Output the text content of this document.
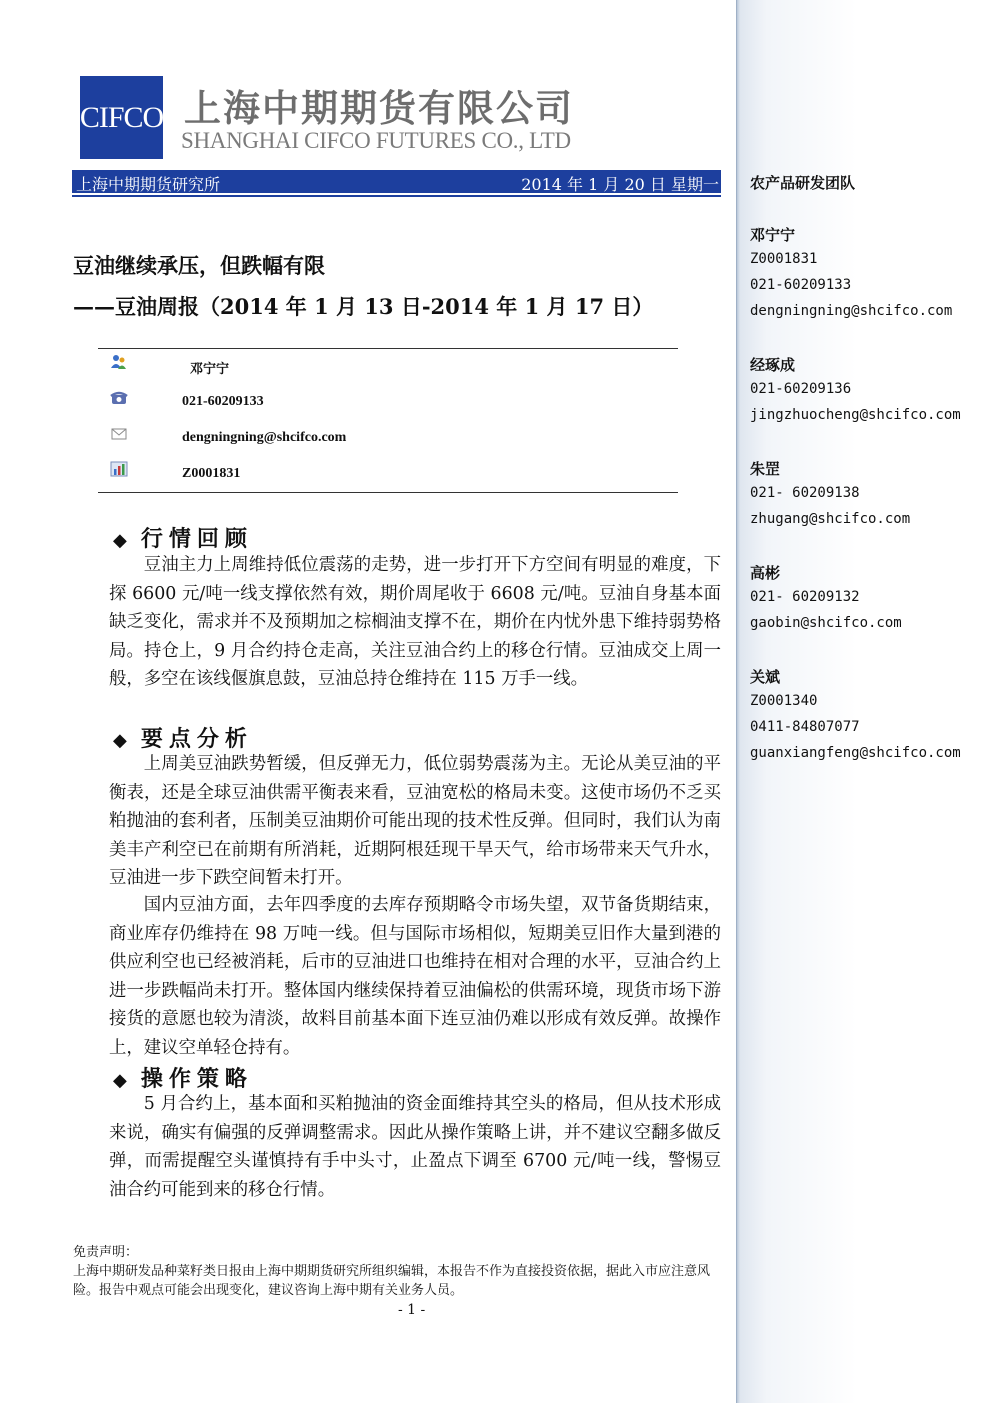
CIFCO 上海中期期货有限公司
SHANGHAI CIFCO FUTURES CO., LTD
上海中期期货研究所	2014 年 1 月 20 日 星期一
豆油继续承压，但跌幅有限
——豆油周报（2014 年 1 月 13 日-2014 年 1 月 17 日）
邓宁宁
021-60209133
dengningning@shcifco.com
Z0001831
◆ 行情回顾

豆油主力上周维持低位震荡的走势，进一步打开下方空间有明显的难度，下探 6600 元/吨一线支撑依然有效，期价周尾收于 6608 元/吨。豆油自身基本面缺乏变化，需求并不及预期加之棕榈油支撑不在，期价在内忧外患下维持弱势格局。持仓上，9 月合约持仓走高，关注豆油合约上的移仓行情。豆油成交上周一般，多空在该线偃旗息鼓，豆油总持仓维持在 115 万手一线。

◆ 要点分析

上周美豆油跌势暂缓，但反弹无力，低位弱势震荡为主。无论从美豆油的平衡表，还是全球豆油供需平衡表来看，豆油宽松的格局未变。这使市场仍不乏买粕抛油的套利者，压制美豆油期价可能出现的技术性反弹。但同时，我们认为南美丰产利空已在前期有所消耗，近期阿根廷现干旱天气，给市场带来天气升水，豆油进一步下跌空间暂未打开。

国内豆油方面，去年四季度的去库存预期略令市场失望，双节备货期结束，商业库存仍维持在 98 万吨一线。但与国际市场相似，短期美豆旧作大量到港的供应利空也已经被消耗，后市的豆油进口也维持在相对合理的水平，豆油合约上进一步跌幅尚未打开。整体国内继续保持着豆油偏松的供需环境，现货市场下游接货的意愿也较为清淡，故料目前基本面下连豆油仍难以形成有效反弹。故操作上，建议空单轻仓持有。

◆ 操作策略

5 月合约上，基本面和买粕抛油的资金面维持其空头的格局，但从技术形成来说，确实有偏强的反弹调整需求。因此从操作策略上讲，并不建议空翻多做反弹，而需提醒空头谨慎持有手中头寸，止盈点下调至 6700 元/吨一线，警惕豆油合约可能到来的移仓行情。

免责声明：
上海中期研发品种菜籽类日报由上海中期期货研究所组织编辑，本报告不作为直接投资依据，据此入市应注意风险。报告中观点可能会出现变化，建议咨询上海中期有关业务人员。
- 1 -
农产品研发团队
邓宁宁
Z0001831
021-60209133
dengningning@shcifco.com
经琢成
021-60209136
jingzhuocheng@shcifco.com
朱罡
021- 60209138
zhugang@shcifco.com
高彬
021- 60209132
gaobin@shcifco.com
关斌
Z0001340
0411-84807077
guanxiangfeng@shcifco.com
